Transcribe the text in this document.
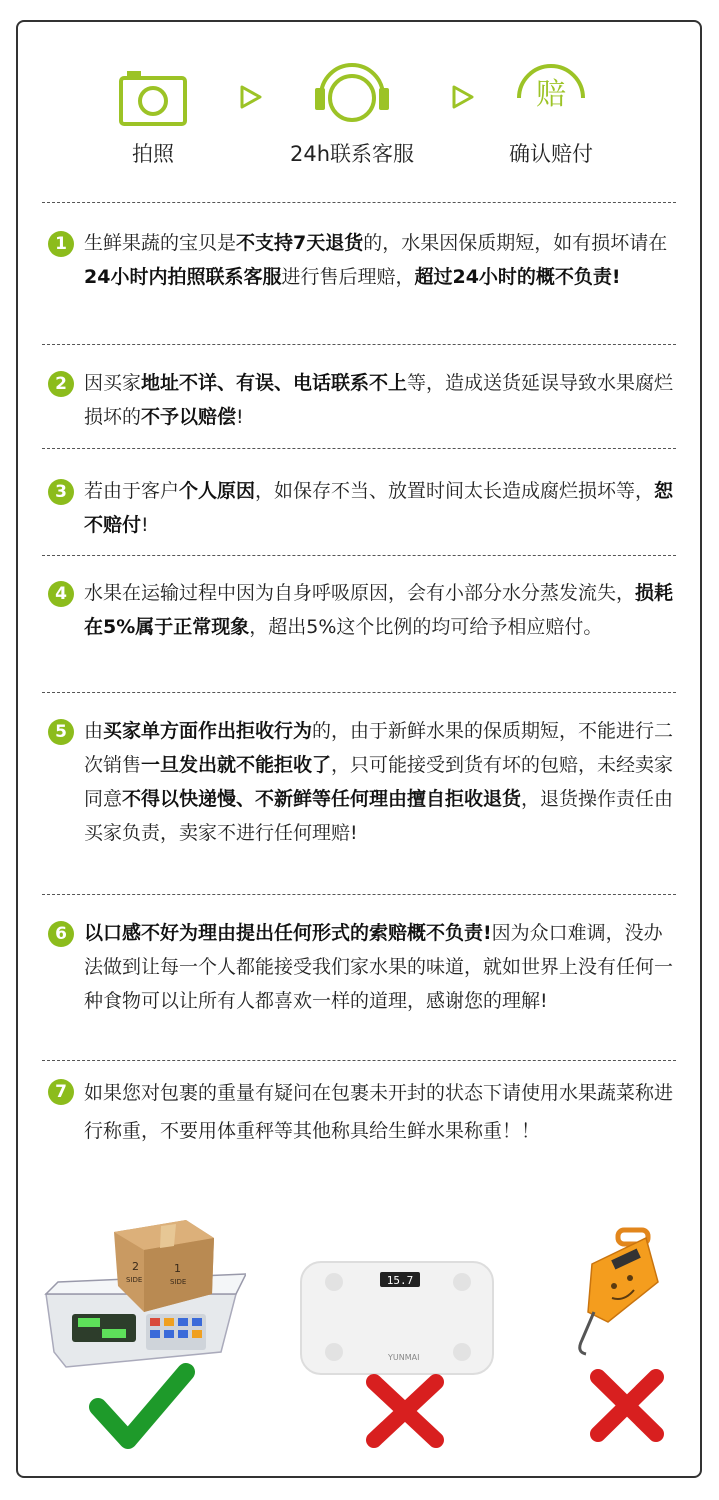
拍照	24h联系客服
赔
确认赔付
1 生鲜果蔬的宝贝是不支持7天退货的，水果因保质期短，如有损坏请在24小时内拍照联系客服进行售后理赔，超过24小时的概不负责!
2 因买家地址不详、有误、电话联系不上等，造成送货延误导致水果腐烂损坏的不予以赔偿!
3 若由于客户个人原因，如保存不当、放置时间太长造成腐烂损坏等，恕不赔付!
4 水果在运输过程中因为自身呼吸原因，会有小部分水分蒸发流失，损耗在5%属于正常现象，超出5%这个比例的均可给予相应赔付。
5 由买家单方面作出拒收行为的，由于新鲜水果的保质期短，不能进行二次销售一旦发出就不能拒收了，只可能接受到货有坏的包赔，未经卖家同意不得以快递慢、不新鲜等任何理由擅自拒收退货，退货操作责任由买家负责，卖家不进行任何理赔!
6 以口感不好为理由提出任何形式的索赔概不负责!因为众口难调，没办法做到让每一个人都能接受我们家水果的味道，就如世界上没有任何一种食物可以让所有人都喜欢一样的道理，感谢您的理解!
7 如果您对包裹的重量有疑问在包裹未开封的状态下请使用水果蔬菜称进行称重，不要用体重秤等其他称具给生鲜水果称重！！
2
SIDE
1
SIDE	15.7
YUNMAI
